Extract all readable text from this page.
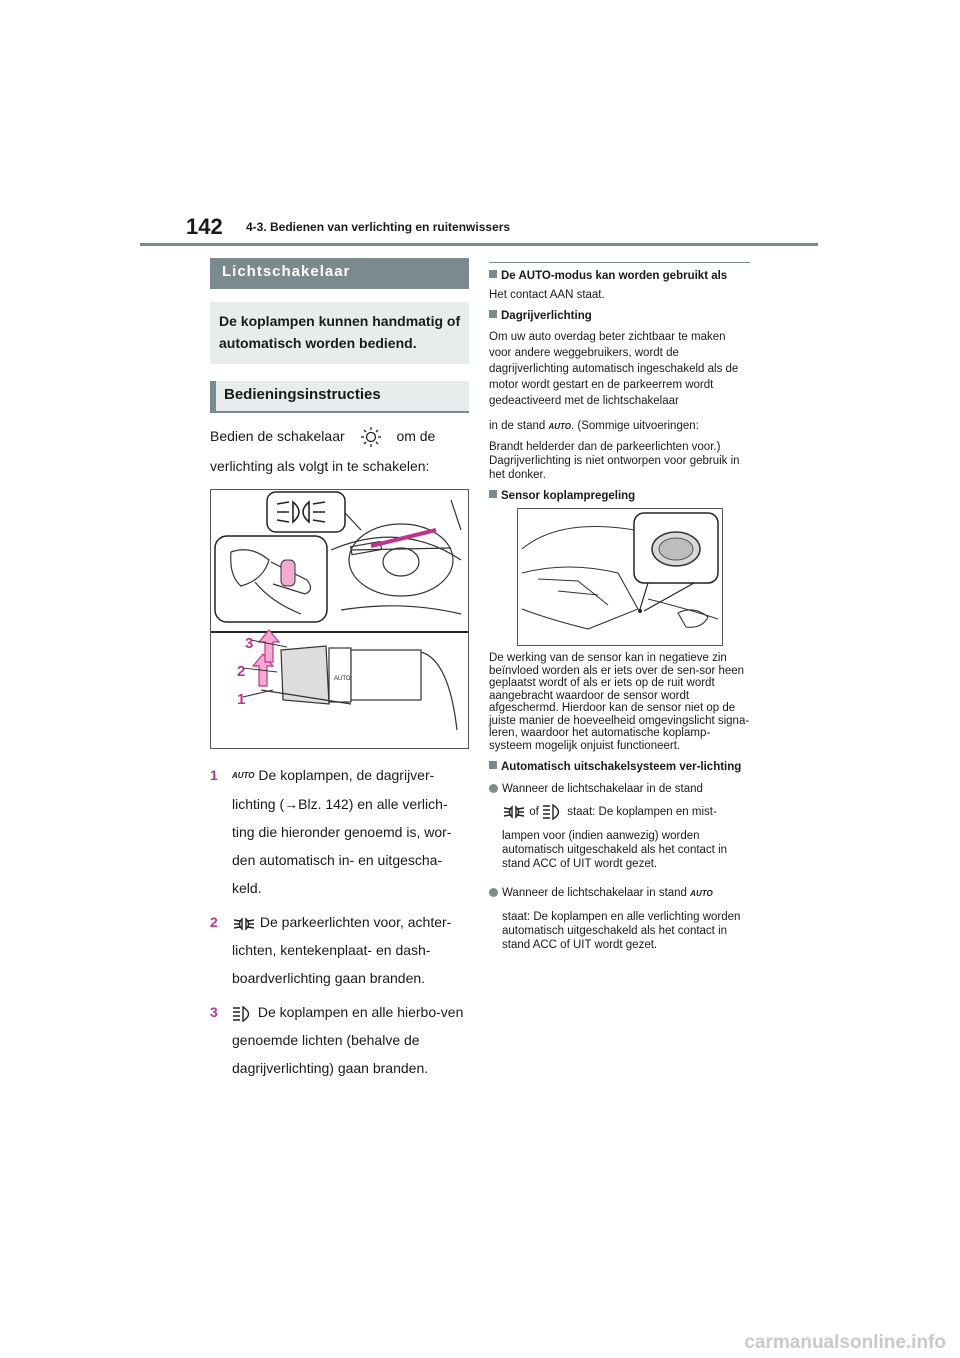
142 4-3. Bedienen van verlichting en ruitenwissers
Lichtschakelaar
De koplampen kunnen handmatig of automatisch worden bediend.
Bedieningsinstructies
Bedien de schakelaar	om de
verlichting als volgt in te schakelen:
AUTO
3
2
1
1 AUTO De koplampen, de dagrijver-lichting (→Blz. 142) en alle verlich-ting die hieronder genoemd is, wor-den automatisch in- en uitgescha-keld.
2	De parkeerlichten voor, achter-lichten, kentekenplaat- en dash-boardverlichting gaan branden.
3	De koplampen en alle hierbo-ven genoemde lichten (behalve de dagrijverlichting) gaan branden.
De AUTO-modus kan worden gebruikt als
Het contact AAN staat.
Dagrijverlichting
Om uw auto overdag beter zichtbaar te maken voor andere weggebruikers, wordt de dagrijverlichting automatisch ingeschakeld als de motor wordt gestart en de parkeerrem wordt gedeactiveerd met de lichtschakelaar
in de stand AUTO. (Sommige uitvoeringen:
Brandt helderder dan de parkeerlichten voor.) Dagrijverlichting is niet ontworpen voor gebruik in het donker.
Sensor koplampregeling
De werking van de sensor kan in negatieve zin beïnvloed worden als er iets over de sen-sor heen geplaatst wordt of als er iets op de ruit wordt aangebracht waardoor de sensor wordt afgeschermd. Hierdoor kan de sensor niet op de juiste manier de hoeveelheid omgevingslicht signa-leren, waardoor het automatische koplamp-systeem mogelijk onjuist functioneert.
Automatisch uitschakelsysteem ver-lichting
Wanneer de lichtschakelaar in de stand
of staat: De koplampen en mist-
lampen voor (indien aanwezig) worden automatisch uitgeschakeld als het contact in stand ACC of UIT wordt gezet.
Wanneer de lichtschakelaar in stand AUTO
staat: De koplampen en alle verlichting worden automatisch uitgeschakeld als het contact in stand ACC of UIT wordt gezet.
carmanualsonline.info
